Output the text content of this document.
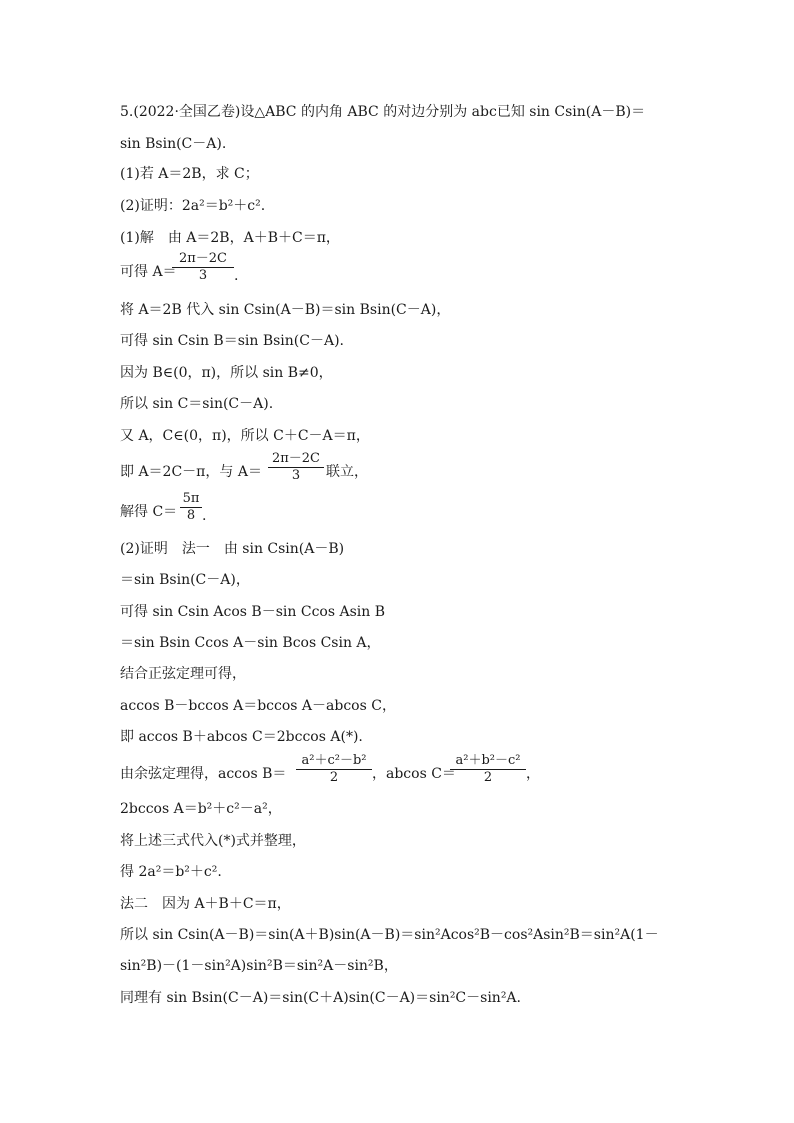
5.(2022·全国乙卷)设△ABC 的内角 ABC 的对边分别为 abc已知 sin Csin(A－B)＝
sin Bsin(C－A).
(1)若 A＝2B，求 C；
(2)证明：2a²＝b²＋c².
(1)解　由 A＝2B，A＋B＋C＝π，
可得 A＝
2π－2C
3	.
将 A＝2B 代入 sin Csin(A－B)＝sin Bsin(C－A)，
可得 sin Csin B＝sin Bsin(C－A).
因为 B∈(0，π)，所以 sin B≠0，
所以 sin C＝sin(C－A).
又 A，C∈(0，π)，所以 C＋C－A＝π，
即 A＝2C－π，与 A＝
2π－2C
3	联立，
解得 C＝
5π
8 .
(2)证明　法一　由 sin Csin(A－B)
＝sin Bsin(C－A)，
可得 sin Csin Acos B－sin Ccos Asin B
＝sin Bsin Ccos A－sin Bcos Csin A，
结合正弦定理可得，
accos B－bccos A＝bccos A－abcos C，
即 accos B＋abcos C＝2bccos A(*).
由余弦定理得，accos B＝
a²＋c²－b²
2	，abcos C＝
a²＋b²－c²
2	，
2bccos A＝b²＋c²－a²，
将上述三式代入(*)式并整理，
得 2a²＝b²＋c².
法二　因为 A＋B＋C＝π，
所以 sin Csin(A－B)＝sin(A＋B)sin(A－B)＝sin²Acos²B－cos²Asin²B＝sin²A(1－
sin²B)－(1－sin²A)sin²B＝sin²A－sin²B，
同理有 sin Bsin(C－A)＝sin(C＋A)sin(C－A)＝sin²C－sin²A.
